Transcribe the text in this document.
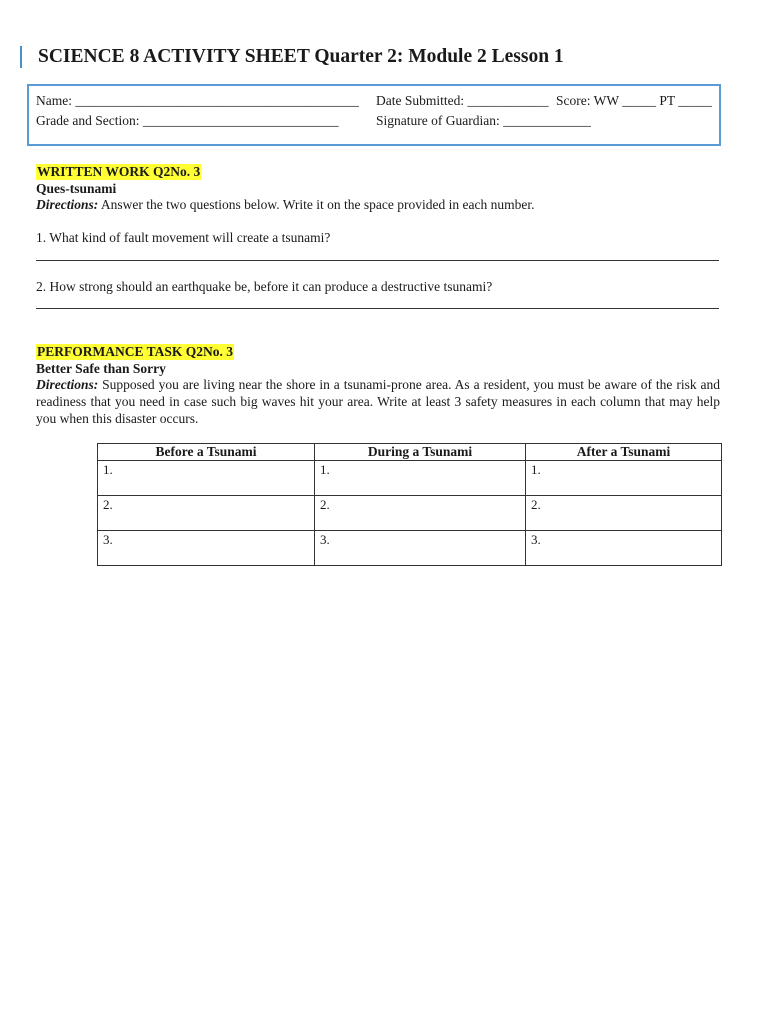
SCIENCE 8 ACTIVITY SHEET Quarter 2: Module 2 Lesson 1
Name: __________________________________________ Date Submitted: ____________ Score: WW _____ PT _____
Grade and Section: _____________________________	Signature of Guardian: _____________
WRITTEN WORK Q2No. 3
Ques-tsunami
Directions: Answer the two questions below. Write it on the space provided in each number.
1. What kind of fault movement will create a tsunami?
2. How strong should an earthquake be, before it can produce a destructive tsunami?
PERFORMANCE TASK Q2No. 3
Better Safe than Sorry
Directions: Supposed you are living near the shore in a tsunami-prone area. As a resident, you must be aware of the risk and readiness that you need in case such big waves hit your area. Write at least 3 safety measures in each column that may help you when this disaster occurs.
Before a Tsunami	During a Tsunami	After a Tsunami
1.	1.	1.
2.	2.	2.
3.	3.	3.
